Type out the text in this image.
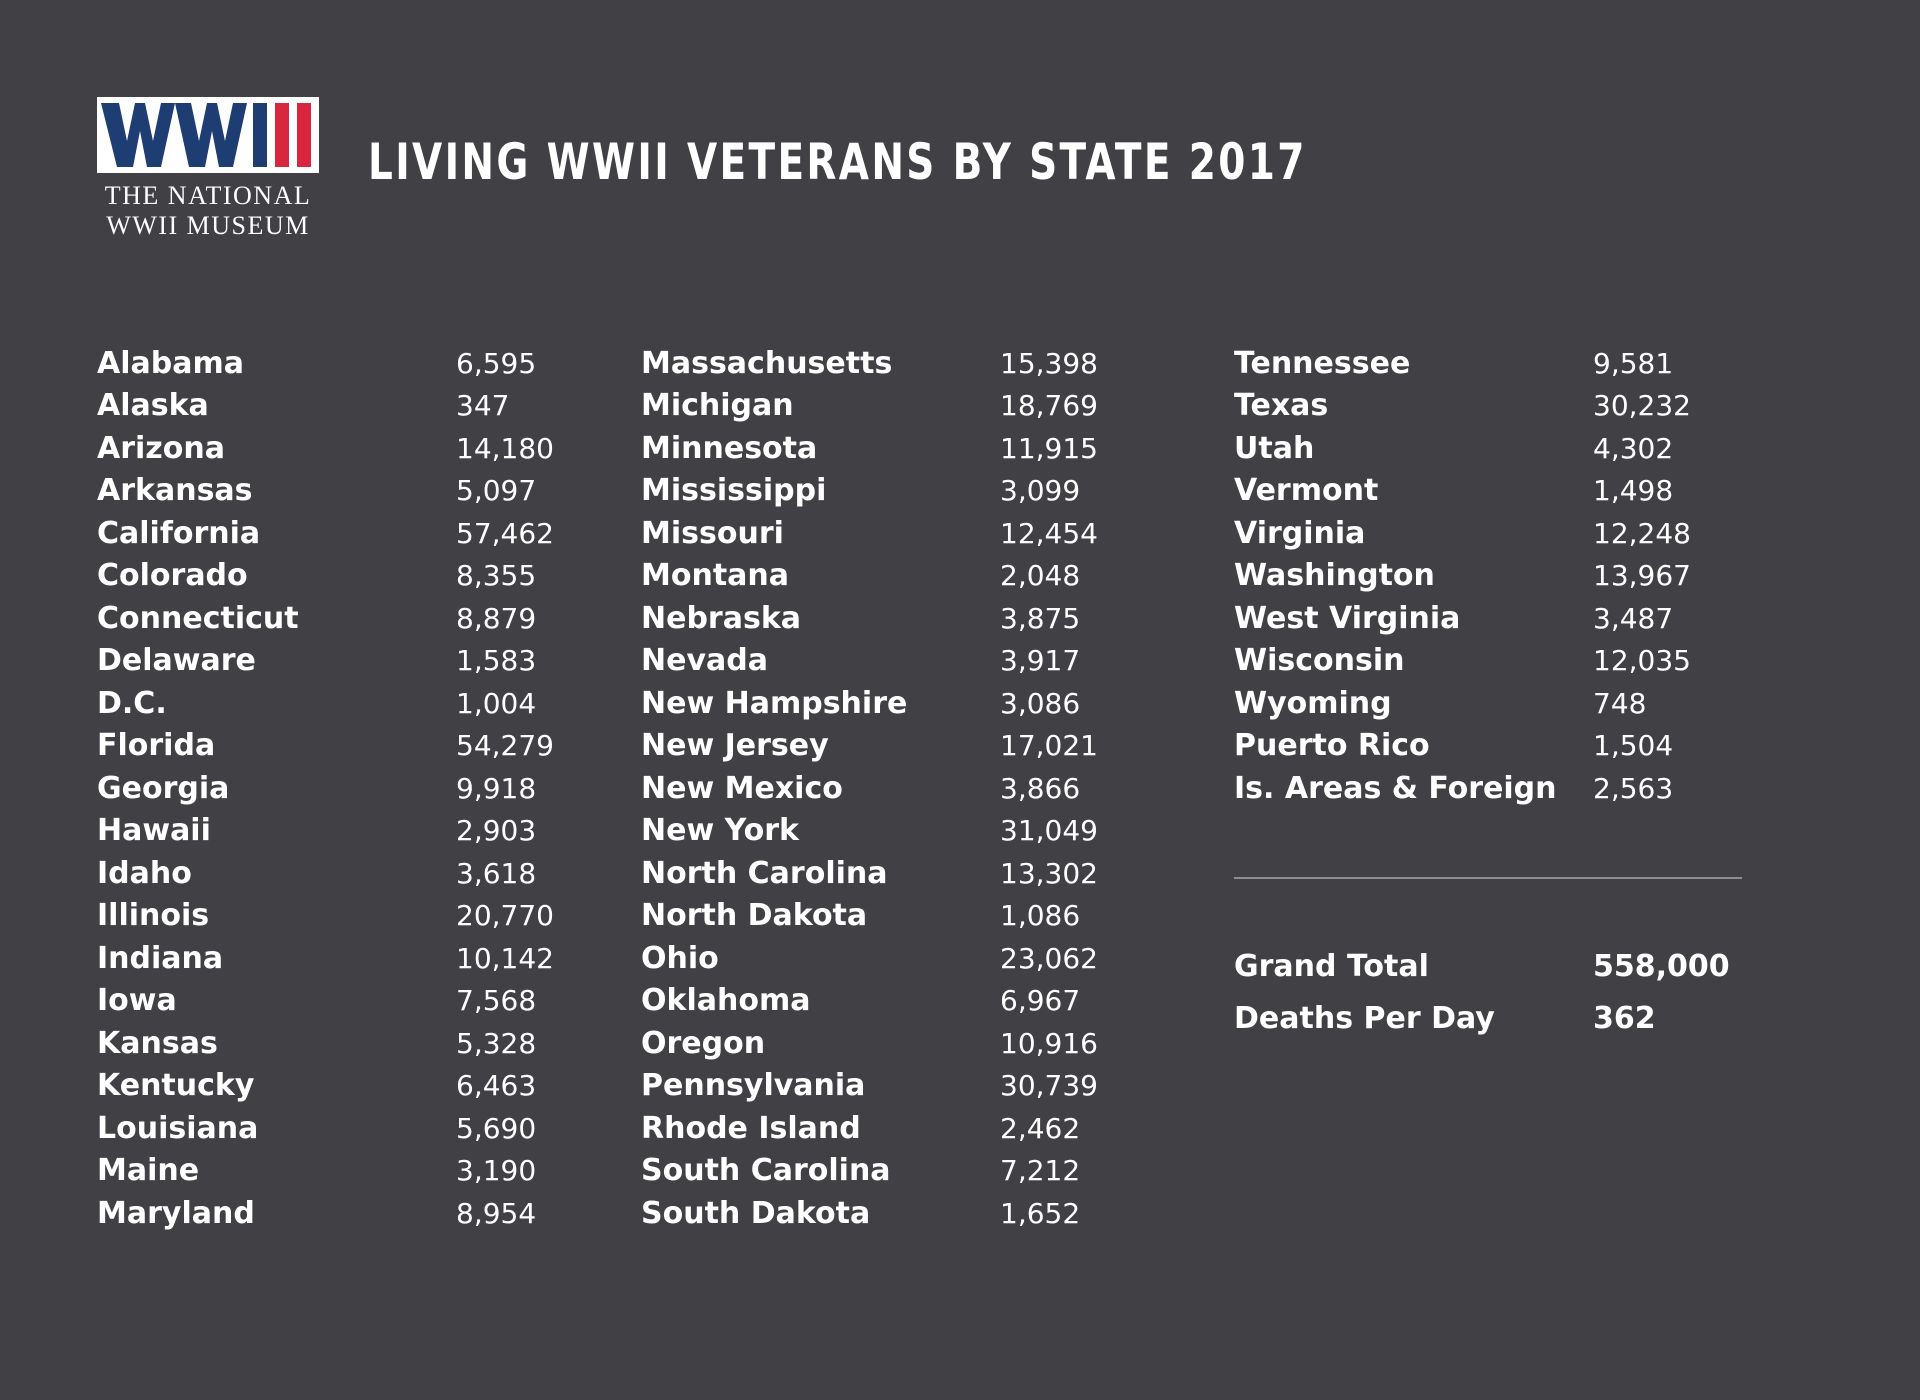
THE NATIONAL
WWII MUSEUM
LIVING WWII VETERANS BY STATE 2017
Alabama	6,595
Alaska	347
Arizona	14,180
Arkansas	5,097
California	57,462
Colorado	8,355
Connecticut	8,879
Delaware	1,583
D.C.	1,004
Florida	54,279
Georgia	9,918
Hawaii	2,903
Idaho	3,618
Illinois	20,770
Indiana	10,142
Iowa	7,568
Kansas	5,328
Kentucky	6,463
Louisiana	5,690
Maine	3,190
Maryland	8,954
Massachusetts	15,398
Michigan	18,769
Minnesota	11,915
Mississippi	3,099
Missouri	12,454
Montana	2,048
Nebraska	3,875
Nevada	3,917
New Hampshire	3,086
New Jersey	17,021
New Mexico	3,866
New York	31,049
North Carolina	13,302
North Dakota	1,086
Ohio	23,062
Oklahoma	6,967
Oregon	10,916
Pennsylvania	30,739
Rhode Island	2,462
South Carolina	7,212
South Dakota	1,652
Tennessee	9,581
Texas	30,232
Utah	4,302
Vermont	1,498
Virginia	12,248
Washington	13,967
West Virginia	3,487
Wisconsin	12,035
Wyoming	748
Puerto Rico	1,504
Is. Areas & Foreign 2,563
Grand Total	558,000
Deaths Per Day	362
